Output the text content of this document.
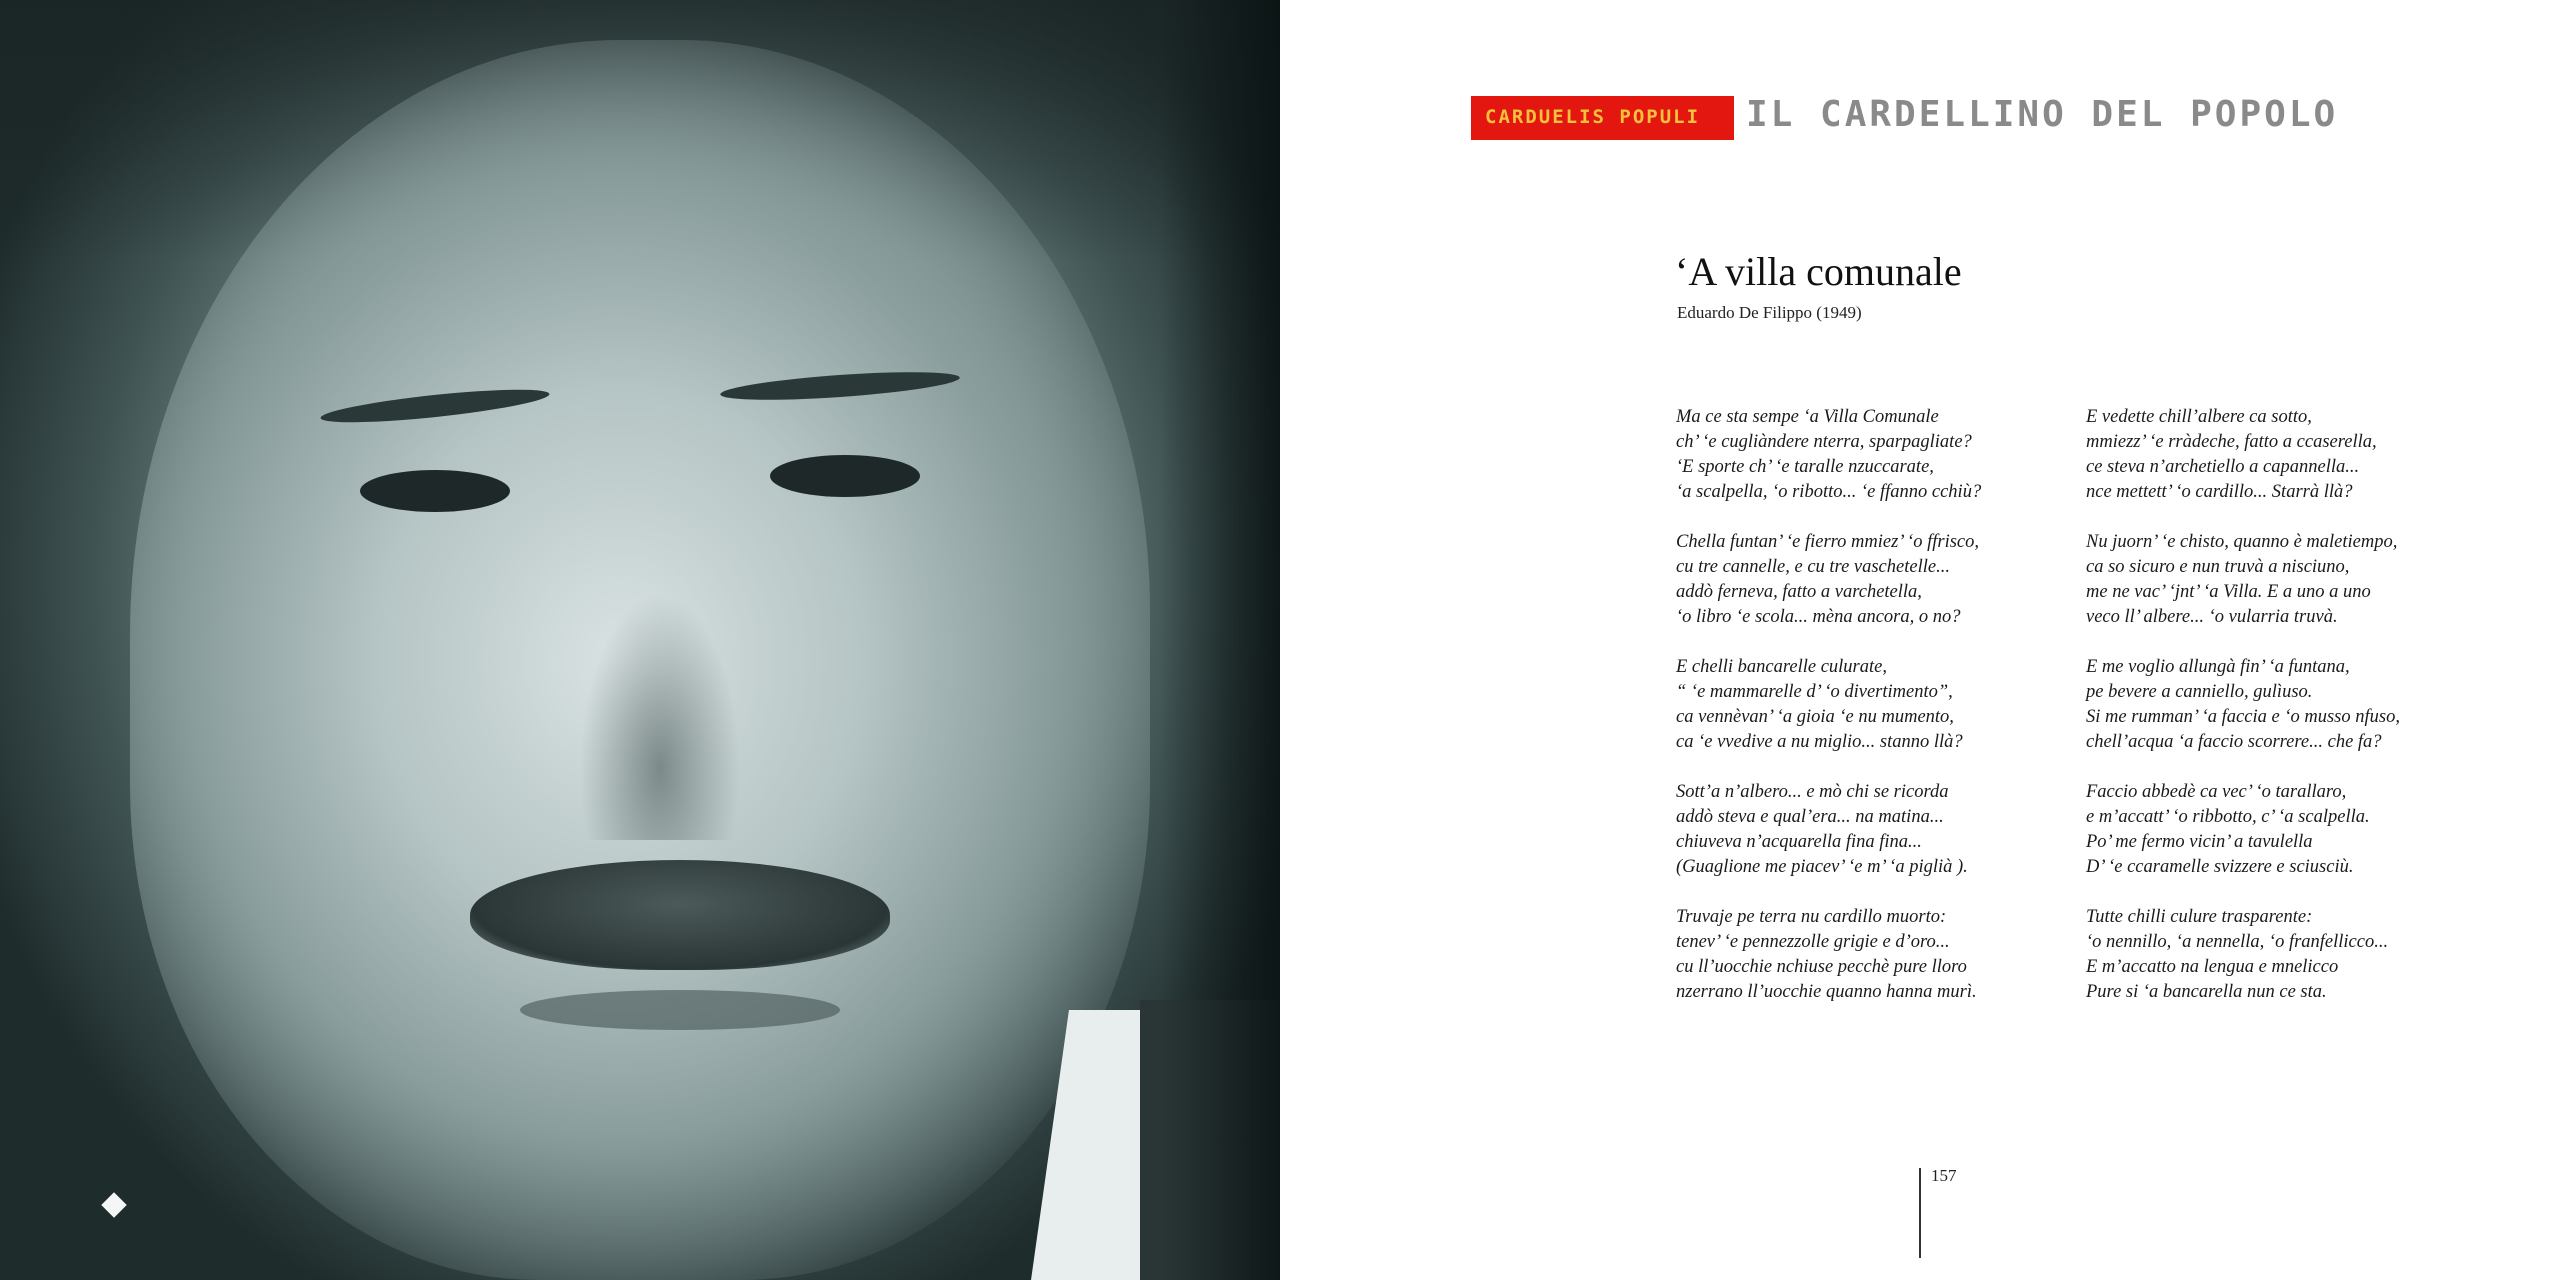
CARDUELIS POPULI IL CARDELLINO DEL POPOLO
‘A villa comunale
Eduardo De Filippo (1949)
Ma ce sta sempe ‘a Villa Comunale
ch’ ‘e cugliàndere nterra, sparpagliate?
‘E sporte ch’ ‘e taralle nzuccarate,
‘a scalpella, ‘o ribotto... ‘e ffanno cchiù?
Chella funtan’ ‘e fierro mmiez’ ‘o ffrisco,
cu tre cannelle, e cu tre vaschetelle...
addò ferneva, fatto a varchetella,
‘o libro ‘e scola... mèna ancora, o no?
E chelli bancarelle culurate,
“ ‘e mammarelle d’ ‘o divertimento”,
ca vennèvan’ ‘a gioia ‘e nu mumento,
ca ‘e vvedive a nu miglio... stanno llà?
Sott’a n’albero... e mò chi se ricorda
addò steva e qual’era... na matina...
chiuveva n’acquarella fina fina...
(Guaglione me piacev’ ‘e m’ ‘a piglià ).
Truvaje pe terra nu cardillo muorto:
tenev’ ‘e pennezzolle grigie e d’oro...
cu ll’uocchie nchiuse pecchè pure lloro
nzerrano ll’uocchie quanno hanna murì.
E vedette chill’albere ca sotto,
mmiezz’ ‘e rràdeche, fatto a ccaserella,
ce steva n’archetiello a capannella...
nce mettett’ ‘o cardillo... Starrà llà?
Nu juorn’ ‘e chisto, quanno è maletiempo,
ca so sicuro e nun truvà a nisciuno,
me ne vac’ ‘jnt’ ‘a Villa. E a uno a uno
veco ll’ albere... ‘o vularria truvà.
E me voglio allungà fin’ ‘a funtana,
pe bevere a canniello, gulìuso.
Si me rumman’ ‘a faccia e ‘o musso nfuso,
chell’acqua ‘a faccio scorrere... che fa?
Faccio abbedè ca vec’ ‘o tarallaro,
e m’accatt’ ‘o ribbotto, c’ ‘a scalpella.
Po’ me fermo vicin’ a tavulella
D’ ‘e ccaramelle svizzere e sciusciù.
Tutte chilli culure trasparente:
‘o nennillo, ‘a nennella, ‘o franfellicco...
E m’accatto na lengua e mnelicco
Pure si ‘a bancarella nun ce sta.
157
